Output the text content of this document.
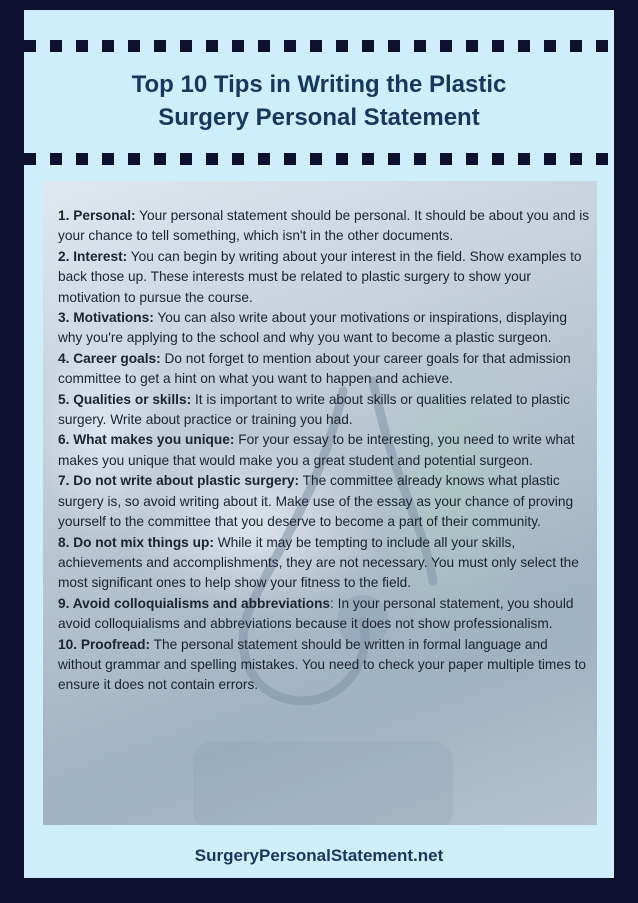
Top 10 Tips in Writing the Plastic
Surgery Personal Statement

1. Personal: Your personal statement should be personal. It should be about you and is your chance to tell something, which isn't in the other documents.

2. Interest: You can begin by writing about your interest in the field. Show examples to back those up. These interests must be related to plastic surgery to show your motivation to pursue the course.

3. Motivations: You can also write about your motivations or inspirations, displaying why you're applying to the school and why you want to become a plastic surgeon.

4. Career goals: Do not forget to mention about your career goals for that admission committee to get a hint on what you want to happen and achieve.

5. Qualities or skills: It is important to write about skills or qualities related to plastic surgery. Write about practice or training you had.

6. What makes you unique: For your essay to be interesting, you need to write what makes you unique that would make you a great student and potential surgeon.

7. Do not write about plastic surgery: The committee already knows what plastic surgery is, so avoid writing about it. Make use of the essay as your chance of proving yourself to the committee that you deserve to become a part of their community.

8. Do not mix things up: While it may be tempting to include all your skills, achievements and accomplishments, they are not necessary. You must only select the most significant ones to help show your fitness to the field.

9. Avoid colloquialisms and abbreviations: In your personal statement, you should avoid colloquialisms and abbreviations because it does not show professionalism.

10. Proofread: The personal statement should be written in formal language and without grammar and spelling mistakes. You need to check your paper multiple times to ensure it does not contain errors.

SurgeryPersonalStatement.net
